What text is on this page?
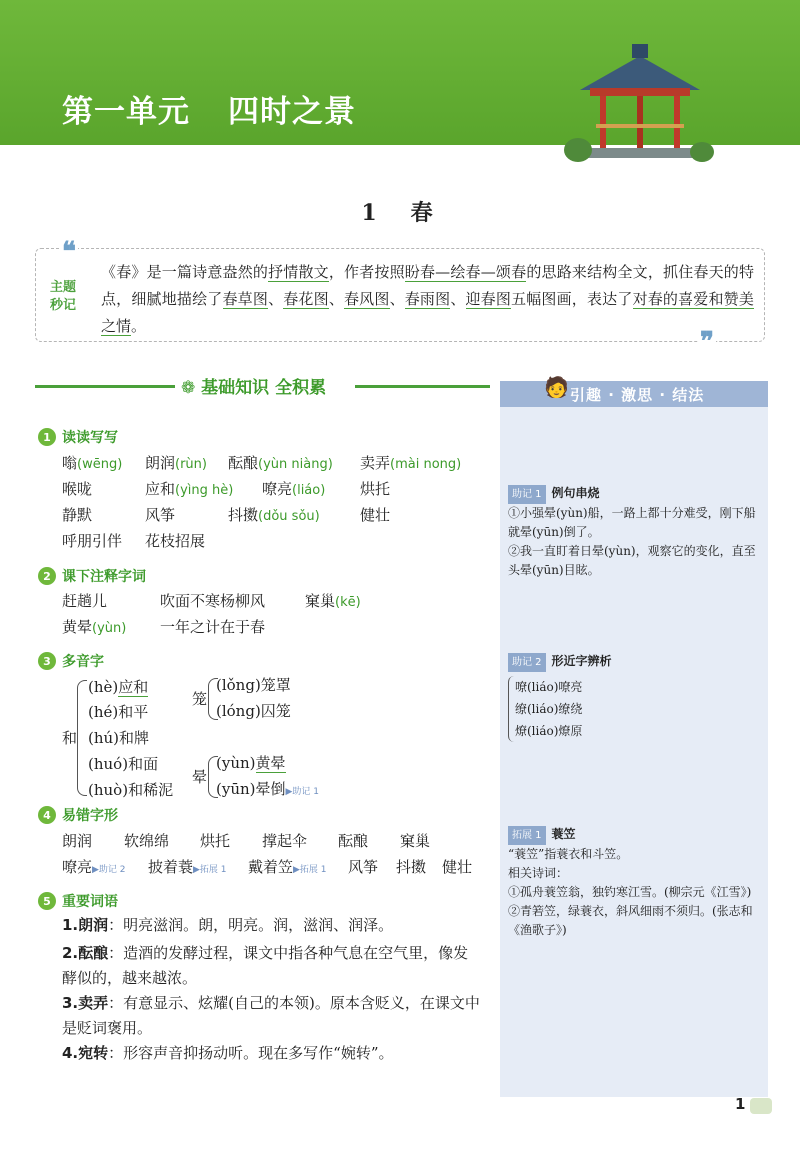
第一单元 四时之景
1　春
❝
主题
秒记
《春》是一篇诗意盎然的抒情散文，作者按照盼春—绘春—颂春的思路来结构全文，抓住春天的特点，细腻地描绘了春草图、春花图、春风图、春雨图、迎春图五幅图画，表达了对春的喜爱和赞美之情。
❞
❁ 基础知识 全积累	🧑 引趣 · 激思 · 结法
1 读读写写
嗡(wēng) 朗润(rùn) 酝酿(yùn niàng) 卖弄(mài nong)
喉咙	应和(yìng hè) 嘹亮(liáo) 烘托
静默	风筝	抖擞(dǒu sǒu)	健壮
呼朋引伴 花枝招展
2 课下注释字词
赶趟儿	吹面不寒杨柳风	窠巢(kē)
黄晕(yùn) 一年之计在于春
3 多音字
和
(hè)应和
(hé)和平
(hú)和牌
(huó)和面
(huò)和稀泥
笼
(lǒng)笼罩
(lóng)囚笼
晕
(yùn)黄晕
(yūn)晕倒▶助记 1
4 易错字形
朗润 软绵绵 烘托 撑起伞 酝酿 窠巢
嘹亮▶助记 2 披着蓑▶拓展 1 戴着笠▶拓展 1 风筝 抖擞 健壮
5 重要词语
1.朗润：明亮滋润。朗，明亮。润，滋润、润泽。
2.酝酿：造酒的发酵过程，课文中指各种气息在空气里，像发酵似的，越来越浓。
3.卖弄：有意显示、炫耀(自己的本领)。原本含贬义，在课文中是贬词褒用。
4.宛转：形容声音抑扬动听。现在多写作“婉转”。
助记 1 例句串烧
①小强晕(yùn)船，一路上都十分难受，刚下船就晕(yūn)倒了。
②我一直盯着日晕(yùn)，观察它的变化，直至头晕(yūn)目眩。
助记 2 形近字辨析
嘹(liáo)嘹亮
缭(liáo)缭绕
燎(liáo)燎原
拓展 1 蓑笠
“蓑笠”指蓑衣和斗笠。
相关诗词：
①孤舟蓑笠翁，独钓寒江雪。(柳宗元《江雪》)
②青箬笠，绿蓑衣，斜风细雨不须归。(张志和《渔歌子》)
1
